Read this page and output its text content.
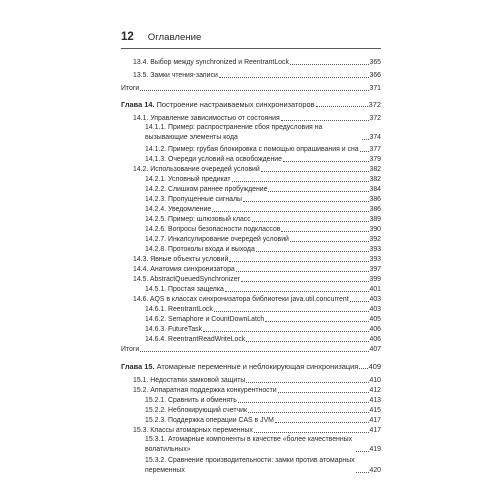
12 Оглавление
13.4. Выбор между synchronized и ReentrantLock	365
13.5. Замки чтения-записи	366
Итоги	371
Глава 14. Построение настраиваемых синхронизаторов	372
14.1. Управление зависимостью от состояния	372
14.1.1. Пример: распространение сбоя предусловия на вызывающие элементы кода	374
14.1.2. Пример: грубая блокировка с помощью опрашивания и сна 377
14.1.3. Очереди условий на освобождение	379
14.2. Использование очередей условий	382
14.2.1. Условный предикат	382
14.2.2. Слишком раннее пробуждение	384
14.2.3. Пропущенные сигналы	386
14.2.4. Уведомление	386
14.2.5. Пример: шлюзовый класс	389
14.2.6. Вопросы безопасности подклассов	390
14.2.7. Инкапсулирование очередей условий	392
14.2.8. Протоколы входа и выхода	393
14.3. Явные объекты условий	393
14.4. Анатомия синхронизатора	397
14.5. AbstractQueuedSynchronizer	399
14.5.1. Простая защелка	401
14.6. AQS в классах синхронизатора библиотеки java.util.concurrent	403
14.6.1. ReentrantLock	403
14.6.2. Semaphore и CountDownLatch	405
14.6.3. FutureTask	406
14.6.4. ReentrantReadWriteLock	406
Итоги	407
Глава 15. Атомарные переменные и неблокирующая синхронизация 409
15.1. Недостатки замковой защиты	410
15.2. Аппаратная поддержка конкурентности	412
15.2.1. Сравнить и обменять	413
15.2.2. Неблокирующий счетчик	415
15.2.3. Поддержка операции CAS в JVM	417
15.3. Классы атомарных переменных	417
15.3.1. Атомарные компоненты в качестве «более качественных волатильных»	419
15.3.2. Сравнение производительности: замки против атомарных переменных	420
